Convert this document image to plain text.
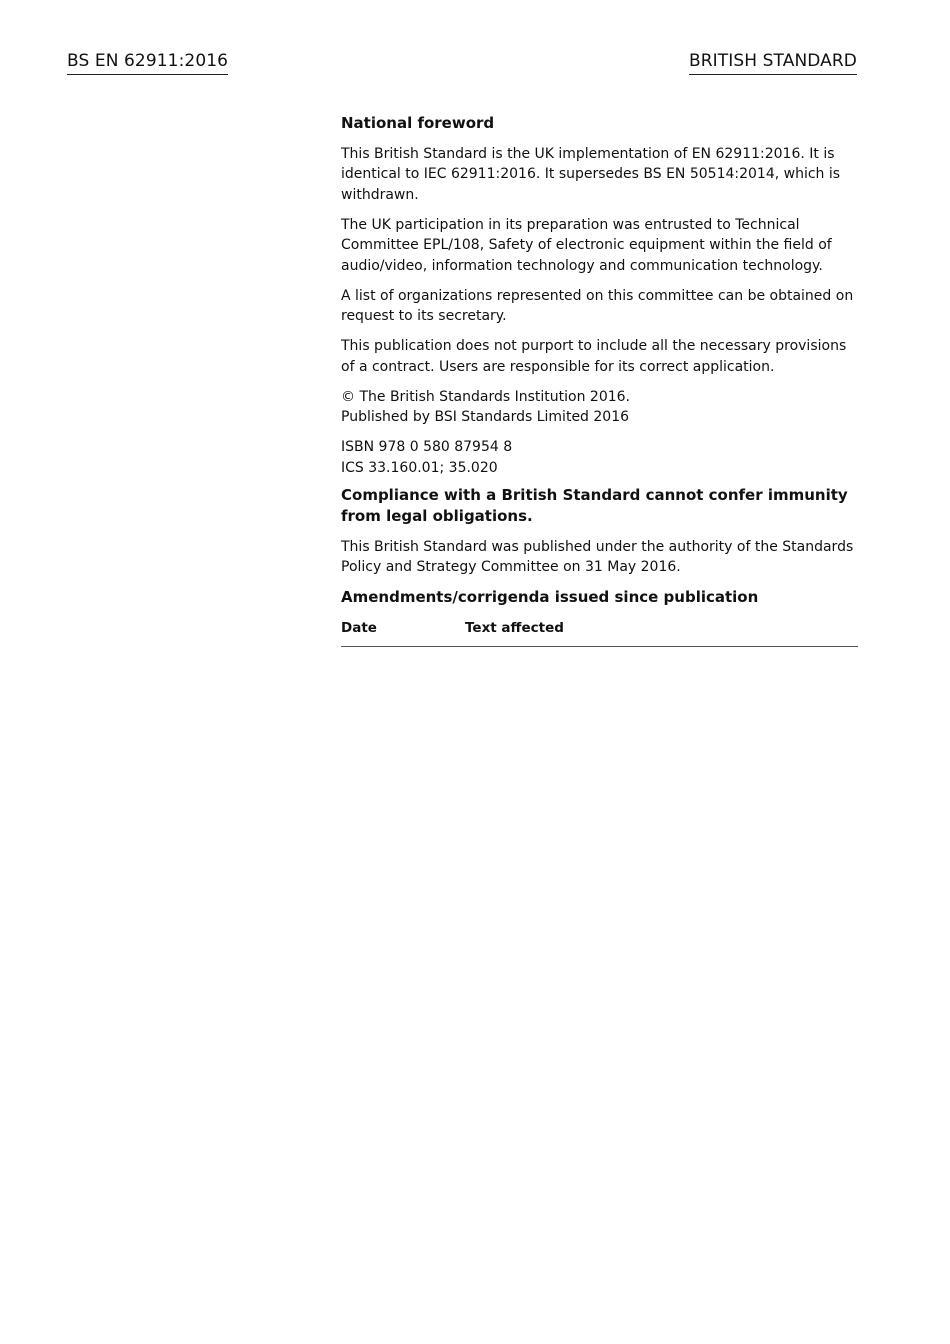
BS EN 62911:2016	BRITISH STANDARD

National foreword

This British Standard is the UK implementation of EN 62911:2016. It is identical to IEC 62911:2016. It supersedes BS EN 50514:2014, which is withdrawn.

The UK participation in its preparation was entrusted to Technical Committee EPL/108, Safety of electronic equipment within the field of audio/video, information technology and communication technology.

A list of organizations represented on this committee can be obtained on request to its secretary.

This publication does not purport to include all the necessary provisions of a contract. Users are responsible for its correct application.

© The British Standards Institution 2016.
Published by BSI Standards Limited 2016

ISBN 978 0 580 87954 8
ICS 33.160.01; 35.020

Compliance with a British Standard cannot confer immunity from legal obligations.

This British Standard was published under the authority of the Standards Policy and Strategy Committee on 31 May 2016.

Amendments/corrigenda issued since publication

Date	Text affected
